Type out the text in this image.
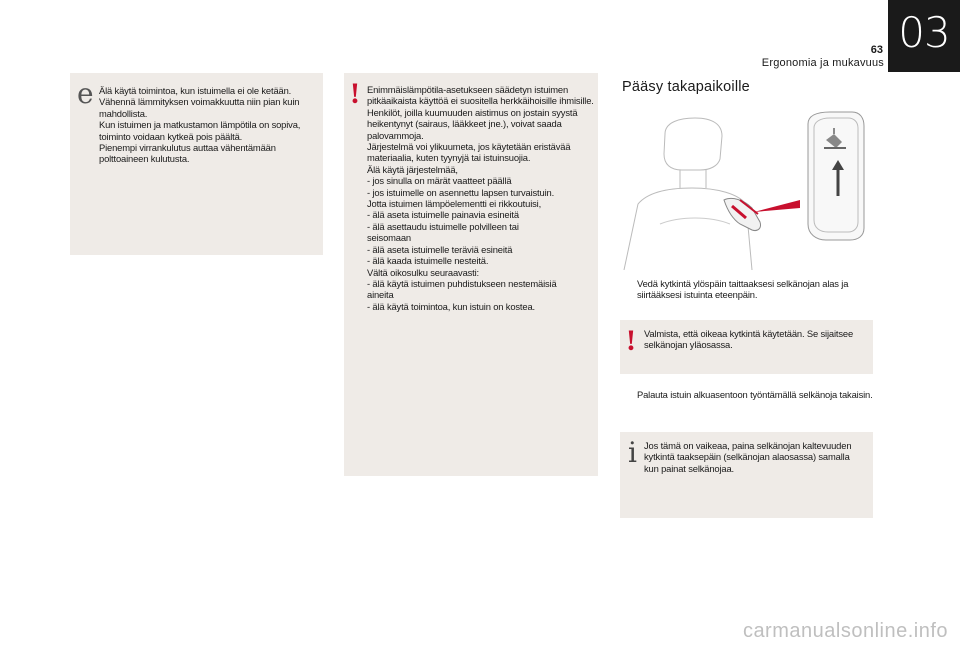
03
63
Ergonomia ja mukavuus
e Älä käytä toimintoa, kun istuimella ei ole ketään.
Vähennä lämmityksen voimakkuutta niin pian kuin mahdollista.
Kun istuimen ja matkustamon lämpötila on sopiva, toiminto voidaan kytkeä pois päältä.
Pienempi virrankulutus auttaa vähentämään polttoaineen kulutusta.
! Enimmäislämpötila-asetukseen säädetyn istuimen pitkäaikaista käyttöä ei suositella herkkäihoisille ihmisille.
Henkilöt, joilla kuumuuden aistimus on jostain syystä heikentynyt (sairaus, lääkkeet jne.), voivat saada palovammoja.
Järjestelmä voi ylikuumeta, jos käytetään eristävää materiaalia, kuten tyynyjä tai istuinsuojia.
Älä käytä järjestelmää,
- jos sinulla on märät vaatteet päällä
- jos istuimelle on asennettu lapsen turvaistuin.
Jotta istuimen lämpöelementti ei rikkoutuisi,
- älä aseta istuimelle painavia esineitä
- älä asettaudu istuimelle polvilleen tai
seisomaan
- älä aseta istuimelle teräviä esineitä
- älä kaada istuimelle nesteitä.
Vältä oikosulku seuraavasti:
- älä käytä istuimen puhdistukseen nestemäisiä
aineita
- älä käytä toimintoa, kun istuin on kostea.
Pääsy takapaikoille
Vedä kytkintä ylöspäin taittaaksesi selkänojan alas ja siirtääksesi istuinta eteenpäin.
! Valmista, että oikeaa kytkintä käytetään. Se sijaitsee selkänojan yläosassa.
Palauta istuin alkuasentoon työntämällä selkänoja takaisin.
i Jos tämä on vaikeaa, paina selkänojan kaltevuuden kytkintä taaksepäin (selkänojan alaosassa) samalla kun painat selkänojaa.
carmanualsonline.info
